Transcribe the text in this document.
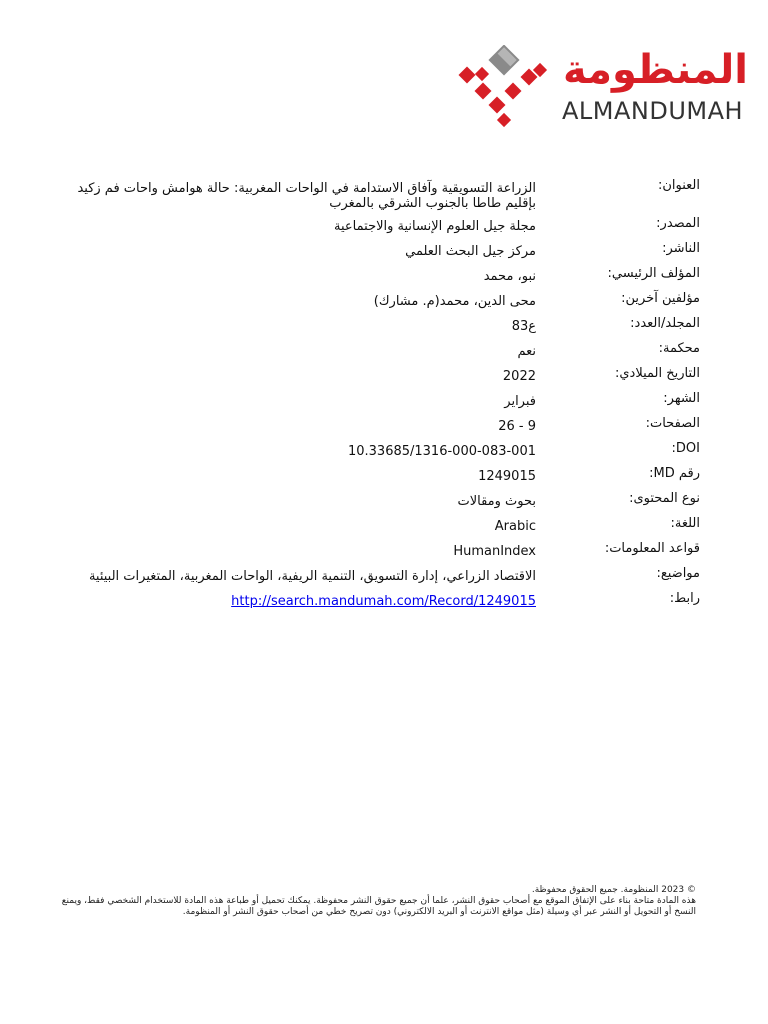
المنظومة
ALMANDUMAH
العنوان:
الزراعة التسويقية وآفاق الاستدامة في الواحات المغربية: حالة هوامش واحات فم زكيد بإقليم طاطا بالجنوب الشرقي بالمغرب
المصدر:
مجلة جيل العلوم الإنسانية والاجتماعية
الناشر:
مركز جيل البحث العلمي
المؤلف الرئيسي:
نبو، محمد
مؤلفين آخرين:
محى الدين، محمد(م. مشارك)
المجلد/العدد:
ع83
محكمة:
نعم
التاريخ الميلادي:
2022
الشهر:
فبراير
الصفحات:
9 - 26
DOI:
10.33685/1316-000-083-001
رقم MD:
1249015
نوع المحتوى:
بحوث ومقالات
اللغة:
Arabic
قواعد المعلومات:
HumanIndex
مواضيع:
الاقتصاد الزراعي، إدارة التسويق، التنمية الريفية، الواحات المغربية، المتغيرات البيئية
رابط:
http://search.mandumah.com/Record/1249015
© 2023 المنظومة. جميع الحقوق محفوظة.
هذه المادة متاحة بناء على الإتفاق الموقع مع أصحاب حقوق النشر، علما أن جميع حقوق النشر محفوظة. يمكنك تحميل أو طباعة هذه المادة للاستخدام الشخصي فقط، ويمنع النسخ أو التحويل أو النشر عبر أي وسيلة (مثل مواقع الانترنت أو البريد الالكتروني) دون تصريح خطي من أصحاب حقوق النشر أو المنظومة.
